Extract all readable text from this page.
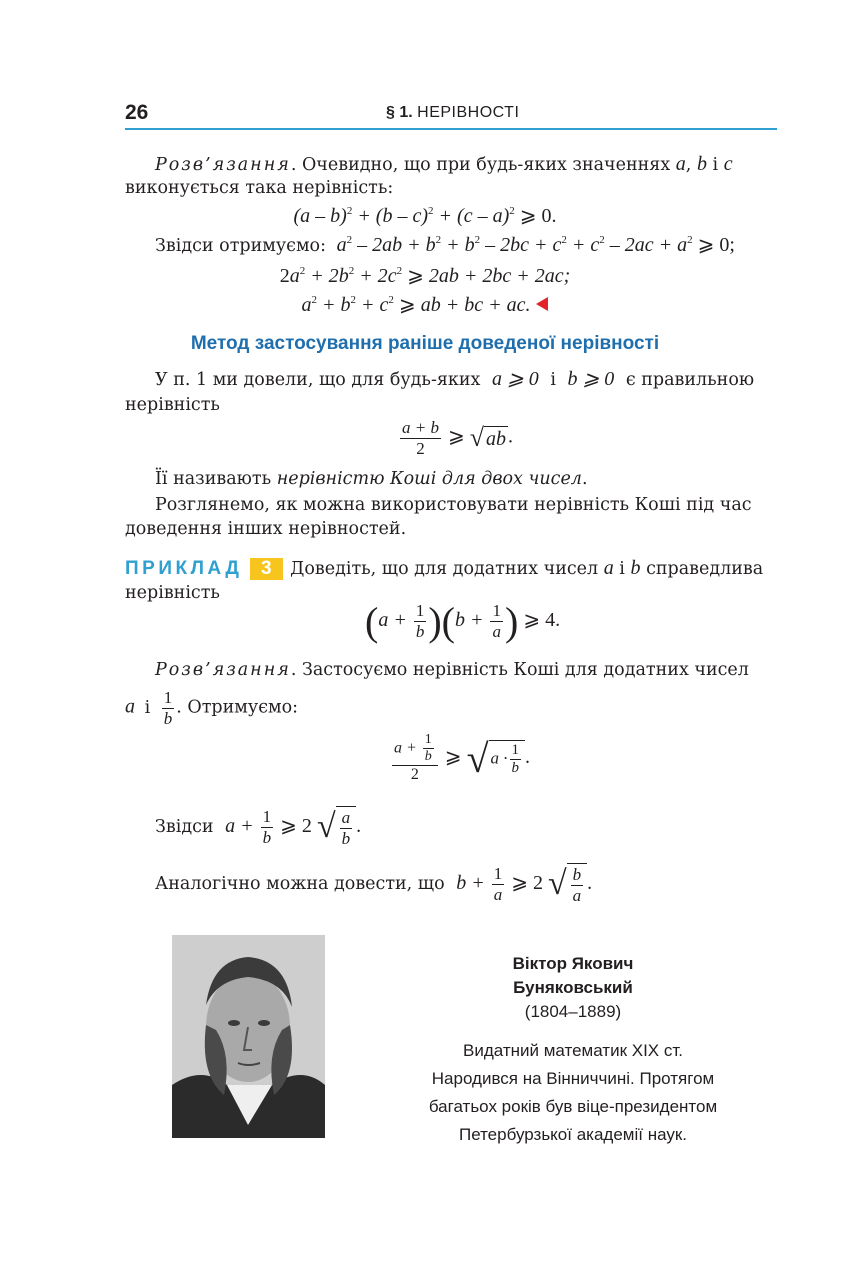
26	§ 1. НЕРІВНОСТІ
Розв’язання. Очевидно, що при будь-яких значеннях a, b і c
виконується така нерівність:
(a – b)$^2$ + (b – c)$^2$ + (c – a)$^2$ ⩾ 0.
Звідси отримуємо: $a^2 - 2ab + b^2 + b^2 - 2bc + c^2 + c^2 - 2ac + a^2$ ⩾ 0;
$2a^2 + 2b^2 + 2c^2$ ⩾ 2ab + 2bc + 2ac;
$a^2 + b^2 + c^2$ ⩾ ab + bc + ac.
Метод застосування раніше доведеної нерівності
У п. 1 ми довели, що для будь-яких a ⩾ 0 і b ⩾ 0 є правильною
нерівність
$\frac{a + b}{2}$ ⩾ √ ab .
Її називають нерівністю Коші для двох чисел.
Розглянемо, як можна використовувати нерівність Коші під час
доведення інших нерівностей.
ПРИКЛАД 3 Доведіть, що для додатних чисел a і b справедлива
нерівність
$(a + \frac{1}{b} )(b + \frac{1}{a}$ ) ⩾ 4.
Розв’язання. Застосуємо нерівність Коші для додатних чисел
a і $\frac{1}{b}$ . Отримуємо:
$\frac{a + \frac{1}{b}}{2}$ ⩾ √ $a \cdot \frac{1}{b}$ .
Звідси $a + \frac{1}{b}$ ⩾ 2 √ $\frac{a}{b}$ .
Аналогічно можна довести, що $b + \frac{1}{a}$ ⩾ 2 √ $\frac{b}{a}$ .
Віктор Якович
Буняковський
(1804–1889)
Видатний математик XIX ст.
Народився на Вінниччині. Протягом
багатьох років був віце-президентом
Петербурзької академії наук.
